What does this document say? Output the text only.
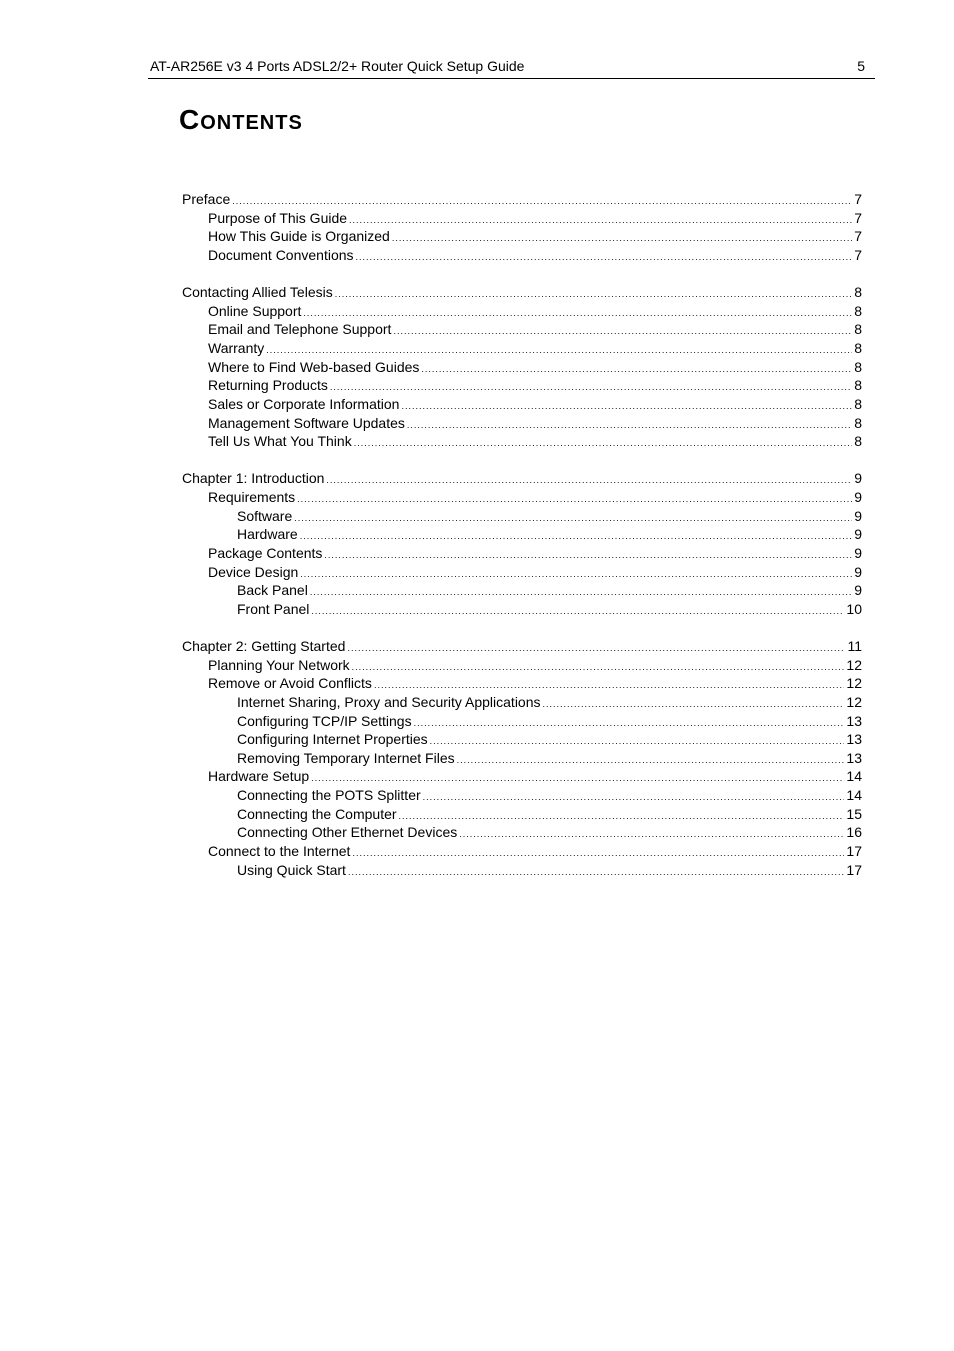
AT-AR256E v3 4 Ports ADSL2/2+ Router Quick Setup Guide	5
Contents
Preface .....	7
Purpose of This Guide .....	7
How This Guide is Organized .....	7
Document Conventions .....	7
Contacting Allied Telesis .....	8
Online Support .....	8
Email and Telephone Support .....	8
Warranty .....	8
Where to Find Web-based Guides .....	8
Returning Products .....	8
Sales or Corporate Information .....	8
Management Software Updates .....	8
Tell Us What You Think .....	8
Chapter 1: Introduction .....	9
Requirements .....	9
Software .....	9
Hardware .....	9
Package Contents .....	9
Device Design .....	9
Back Panel .....	9
Front Panel .....	10
Chapter 2: Getting Started .....	11
Planning Your Network .....	12
Remove or Avoid Conflicts .....	12
Internet Sharing, Proxy and Security Applications .....	12
Configuring TCP/IP Settings .....	13
Configuring Internet Properties .....	13
Removing Temporary Internet Files .....	13
Hardware Setup .....	14
Connecting the POTS Splitter .....	14
Connecting the Computer .....	15
Connecting Other Ethernet Devices .....	16
Connect to the Internet .....	17
Using Quick Start .....	17
